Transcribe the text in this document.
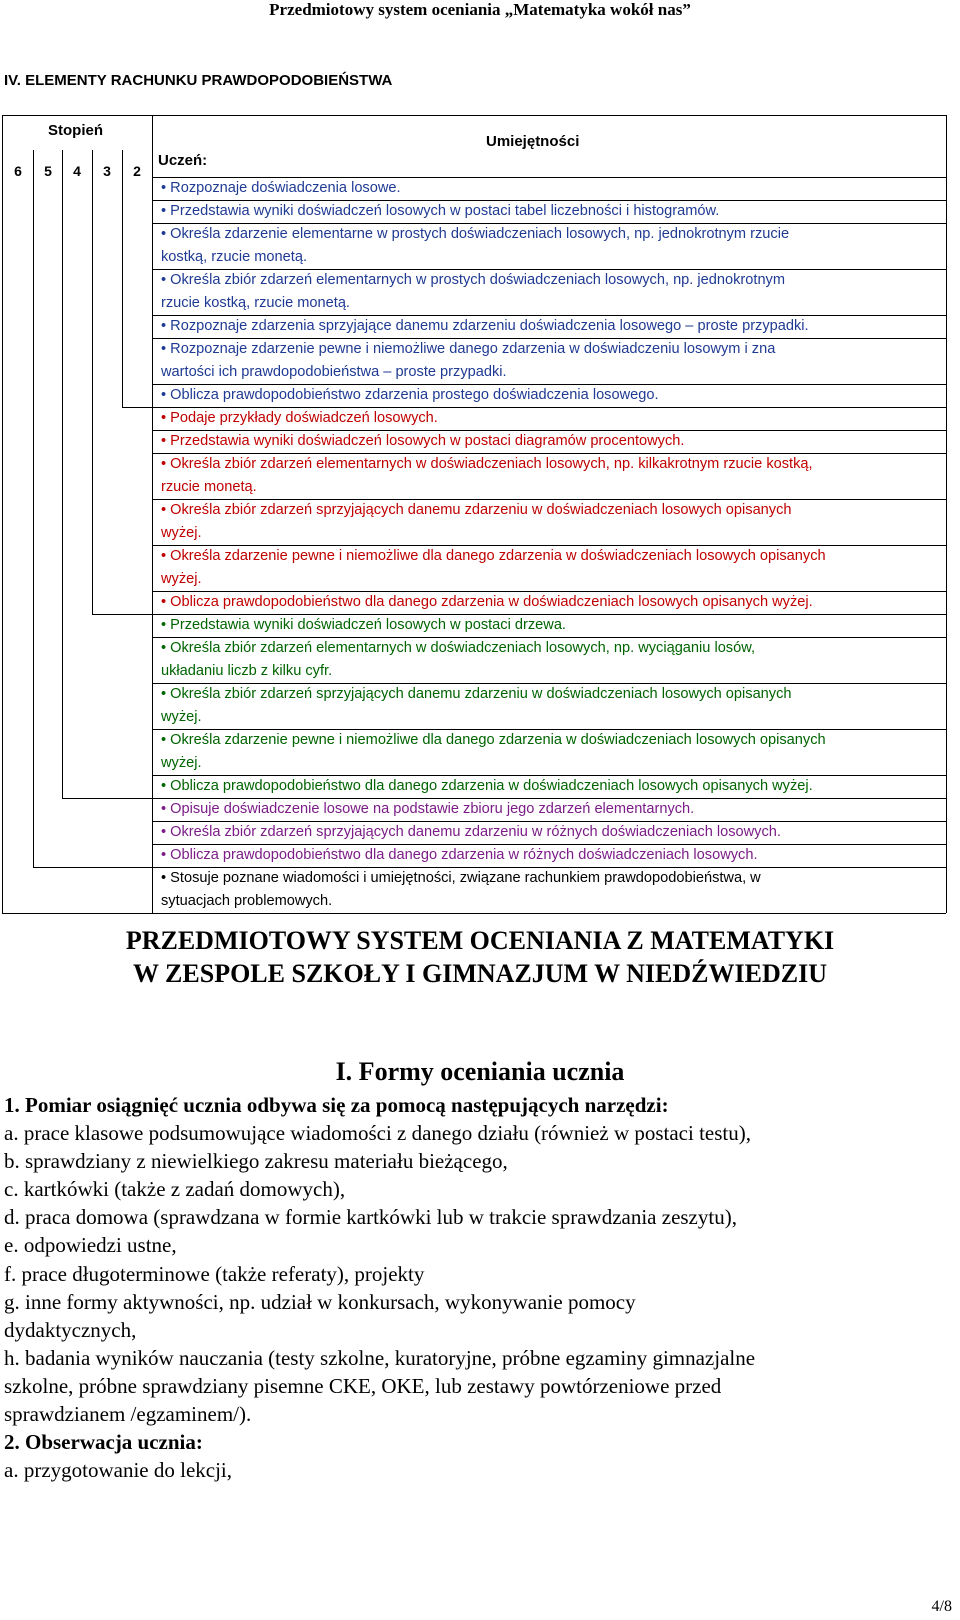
Przedmiotowy system oceniania „Matematyka wokół nas”
IV. ELEMENTY RACHUNKU PRAWDOPODOBIEŃSTWA
Stopień
Umiejętności
Uczeń:
6	5	4	3	2
• Rozpoznaje doświadczenia losowe.
• Przedstawia wyniki doświadczeń losowych w postaci tabel liczebności i histogramów.
• Określa zdarzenie elementarne w prostych doświadczeniach losowych, np. jednokrotnym rzucie
kostką, rzucie monetą.
• Określa zbiór zdarzeń elementarnych w prostych doświadczeniach losowych, np. jednokrotnym
rzucie kostką, rzucie monetą.
• Rozpoznaje zdarzenia sprzyjające danemu zdarzeniu doświadczenia losowego – proste przypadki.
• Rozpoznaje zdarzenie pewne i niemożliwe danego zdarzenia w doświadczeniu losowym i zna
wartości ich prawdopodobieństwa – proste przypadki.
• Oblicza prawdopodobieństwo zdarzenia prostego doświadczenia losowego.
• Podaje przykłady doświadczeń losowych.
• Przedstawia wyniki doświadczeń losowych w postaci diagramów procentowych.
• Określa zbiór zdarzeń elementarnych w doświadczeniach losowych, np. kilkakrotnym rzucie kostką,
rzucie monetą.
• Określa zbiór zdarzeń sprzyjających danemu zdarzeniu w doświadczeniach losowych opisanych
wyżej.
• Określa zdarzenie pewne i niemożliwe dla danego zdarzenia w doświadczeniach losowych opisanych
wyżej.
• Oblicza prawdopodobieństwo dla danego zdarzenia w doświadczeniach losowych opisanych wyżej.
• Przedstawia wyniki doświadczeń losowych w postaci drzewa.
• Określa zbiór zdarzeń elementarnych w doświadczeniach losowych, np. wyciąganiu losów,
układaniu liczb z kilku cyfr.
• Określa zbiór zdarzeń sprzyjających danemu zdarzeniu w doświadczeniach losowych opisanych
wyżej.
• Określa zdarzenie pewne i niemożliwe dla danego zdarzenia w doświadczeniach losowych opisanych
wyżej.
• Oblicza prawdopodobieństwo dla danego zdarzenia w doświadczeniach losowych opisanych wyżej.
• Opisuje doświadczenie losowe na podstawie zbioru jego zdarzeń elementarnych.
• Określa zbiór zdarzeń sprzyjających danemu zdarzeniu w różnych doświadczeniach losowych.
• Oblicza prawdopodobieństwo dla danego zdarzenia w różnych doświadczeniach losowych.
• Stosuje poznane wiadomości i umiejętności, związane rachunkiem prawdopodobieństwa, w
sytuacjach problemowych.
PRZEDMIOTOWY SYSTEM OCENIANIA Z MATEMATYKI
W ZESPOLE SZKOŁY I GIMNAZJUM W NIEDŹWIEDZIU
I. Formy oceniania ucznia
1. Pomiar osiągnięć ucznia odbywa się za pomocą następujących narzędzi:
a. prace klasowe podsumowujące wiadomości z danego działu (również w postaci testu),
b. sprawdziany z niewielkiego zakresu materiału bieżącego,
c. kartkówki (także z zadań domowych),
d. praca domowa (sprawdzana w formie kartkówki lub w trakcie sprawdzania zeszytu),
e. odpowiedzi ustne,
f. prace długoterminowe (także referaty), projekty
g. inne formy aktywności, np. udział w konkursach, wykonywanie pomocy
dydaktycznych,
h. badania wyników nauczania (testy szkolne, kuratoryjne, próbne egzaminy gimnazjalne
szkolne, próbne sprawdziany pisemne CKE, OKE, lub zestawy powtórzeniowe przed
sprawdzianem /egzaminem/).
2. Obserwacja ucznia:
a. przygotowanie do lekcji,
4/8
